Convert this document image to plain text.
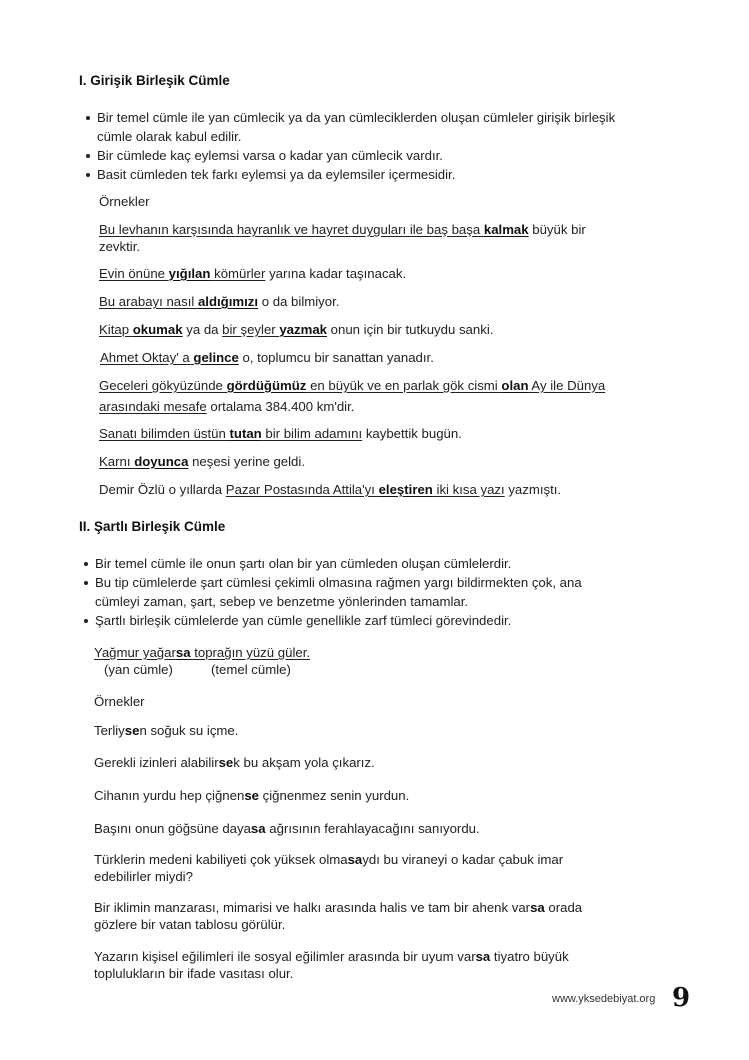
I. Girişik Birleşik Cümle
Bir temel cümle ile yan cümlecik ya da yan cümleciklerden oluşan cümleler girişik birleşik
cümle olarak kabul edilir.
Bir cümlede kaç eylemsi varsa o kadar yan cümlecik vardır.
Basit cümleden tek farkı eylemsi ya da eylemsiler içermesidir.
Örnekler
Bu levhanın karşısında hayranlık ve hayret duyguları ile baş başa kalmak büyük bir
zevktir.
Evin önüne yığılan kömürler yarına kadar taşınacak.
Bu arabayı nasıl aldığımızı o da bilmiyor.
Kitap okumak ya da bir şeyler yazmak onun için bir tutkuydu sanki.
Ahmet Oktay' a gelince o, toplumcu bir sanattan yanadır.
Geceleri gökyüzünde gördüğümüz en büyük ve en parlak gök cismi olan Ay ile Dünya
arasındaki mesafe ortalama 384.400 km'dir.
Sanatı bilimden üstün tutan bir bilim adamını kaybettik bugün.
Karnı doyunca neşesi yerine geldi.
Demir Özlü o yıllarda Pazar Postasında Attila'yı eleştiren iki kısa yazı yazmıştı.
II. Şartlı Birleşik Cümle
Bir temel cümle ile onun şartı olan bir yan cümleden oluşan cümlelerdir.
Bu tip cümlelerde şart cümlesi çekimli olmasına rağmen yargı bildirmekten çok, ana
cümleyi zaman, şart, sebep ve benzetme yönlerinden tamamlar.
Şartlı birleşik cümlelerde yan cümle genellikle zarf tümleci görevindedir.
Yağmur yağarsa toprağın yüzü güler.
(yan cümle)	(temel cümle)
Örnekler
Terliysen soğuk su içme.
Gerekli izinleri alabilirsek bu akşam yola çıkarız.
Cihanın yurdu hep çiğnense çiğnenmez senin yurdun.
Başını onun göğsüne dayasa ağrısının ferahlayacağını sanıyordu.
Türklerin medeni kabiliyeti çok yüksek olmasaydı bu viraneyi o kadar çabuk imar
edebilirler miydi?
Bir iklimin manzarası, mimarisi ve halkı arasında halis ve tam bir ahenk varsa orada
gözlere bir vatan tablosu görülür.
Yazarın kişisel eğilimleri ile sosyal eğilimler arasında bir uyum varsa tiyatro büyük
toplulukların bir ifade vasıtası olur.
www.yksedebiyat.org 9
